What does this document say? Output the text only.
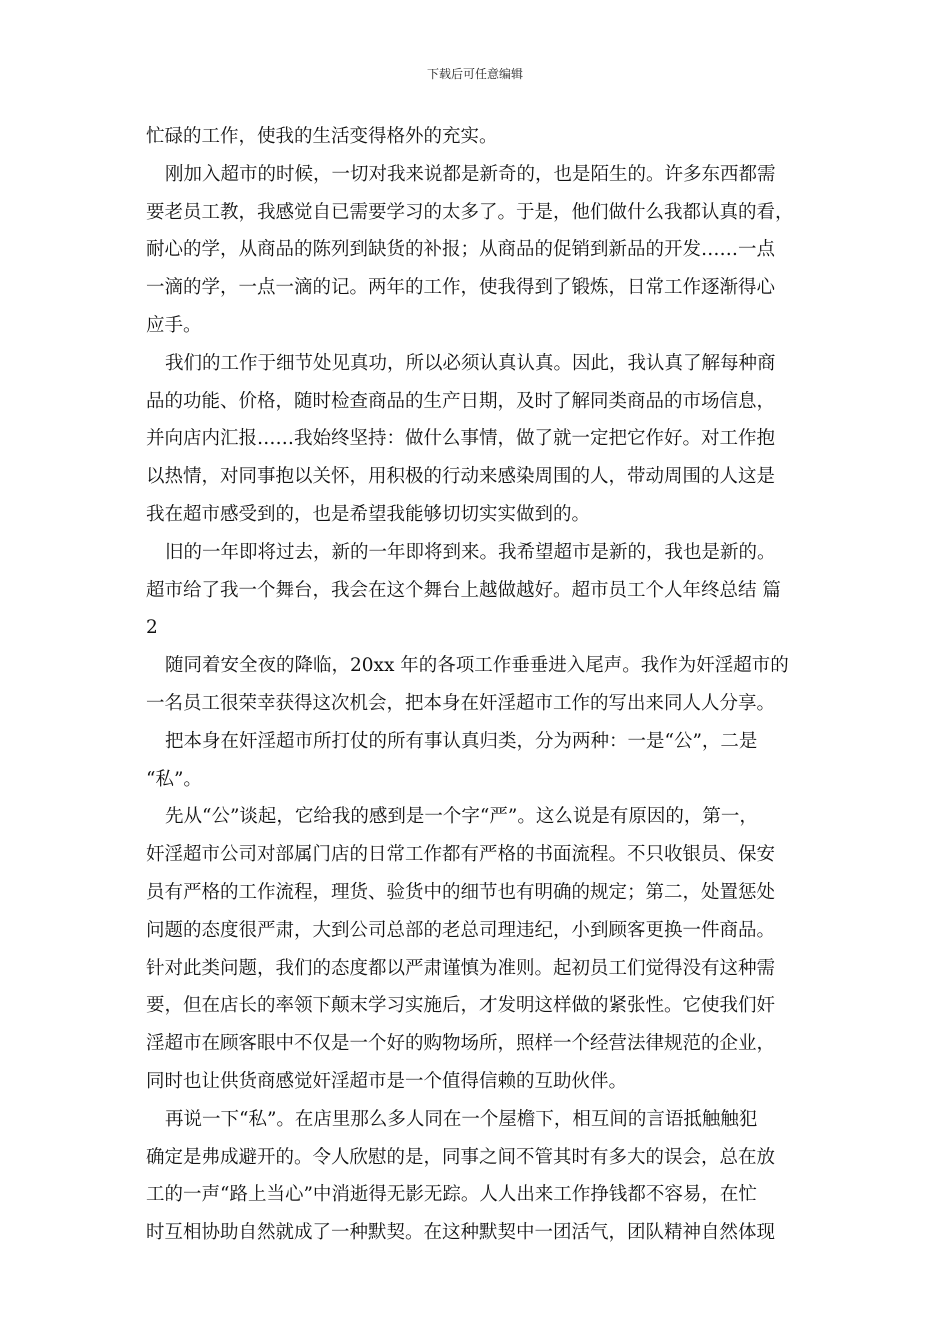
下载后可任意编辑
忙碌的工作，使我的生活变得格外的充实。
刚加入超市的时候，一切对我来说都是新奇的，也是陌生的。许多东西都需
要老员工教，我感觉自已需要学习的太多了。于是，他们做什么我都认真的看，
耐心的学，从商品的陈列到缺货的补报；从商品的促销到新品的开发……一点
一滴的学，一点一滴的记。两年的工作，使我得到了锻炼，日常工作逐渐得心
应手。
我们的工作于细节处见真功，所以必须认真认真。因此，我认真了解每种商
品的功能、价格，随时检查商品的生产日期，及时了解同类商品的市场信息，
并向店内汇报……我始终坚持：做什么事情，做了就一定把它作好。对工作抱
以热情，对同事抱以关怀，用积极的行动来感染周围的人，带动周围的人这是
我在超市感受到的，也是希望我能够切切实实做到的。
旧的一年即将过去，新的一年即将到来。我希望超市是新的，我也是新的。
超市给了我一个舞台，我会在这个舞台上越做越好。超市员工个人年终总结 篇
2
随同着安全夜的降临，20xx 年的各项工作垂垂进入尾声。我作为奸淫超市的
一名员工很荣幸获得这次机会，把本身在奸淫超市工作的写出来同人人分享。
把本身在奸淫超市所打仗的所有事认真归类，分为两种：一是“公”，二是
“私”。
先从“公”谈起，它给我的感到是一个字“严”。这么说是有原因的，第一，
奸淫超市公司对部属门店的日常工作都有严格的书面流程。不只收银员、保安
员有严格的工作流程，理货、验货中的细节也有明确的规定；第二，处置惩处
问题的态度很严肃，大到公司总部的老总司理违纪，小到顾客更换一件商品。
针对此类问题，我们的态度都以严肃谨慎为准则。起初员工们觉得没有这种需
要，但在店长的率领下颠末学习实施后，才发明这样做的紧张性。它使我们奸
淫超市在顾客眼中不仅是一个好的购物场所，照样一个经营法律规范的企业，
同时也让供货商感觉奸淫超市是一个值得信赖的互助伙伴。
再说一下“私”。在店里那么多人同在一个屋檐下，相互间的言语抵触触犯
确定是弗成避开的。令人欣慰的是，同事之间不管其时有多大的误会，总在放
工的一声“路上当心”中消逝得无影无踪。人人出来工作挣钱都不容易，在忙
时互相协助自然就成了一种默契。在这种默契中一团活气，团队精神自然体现
